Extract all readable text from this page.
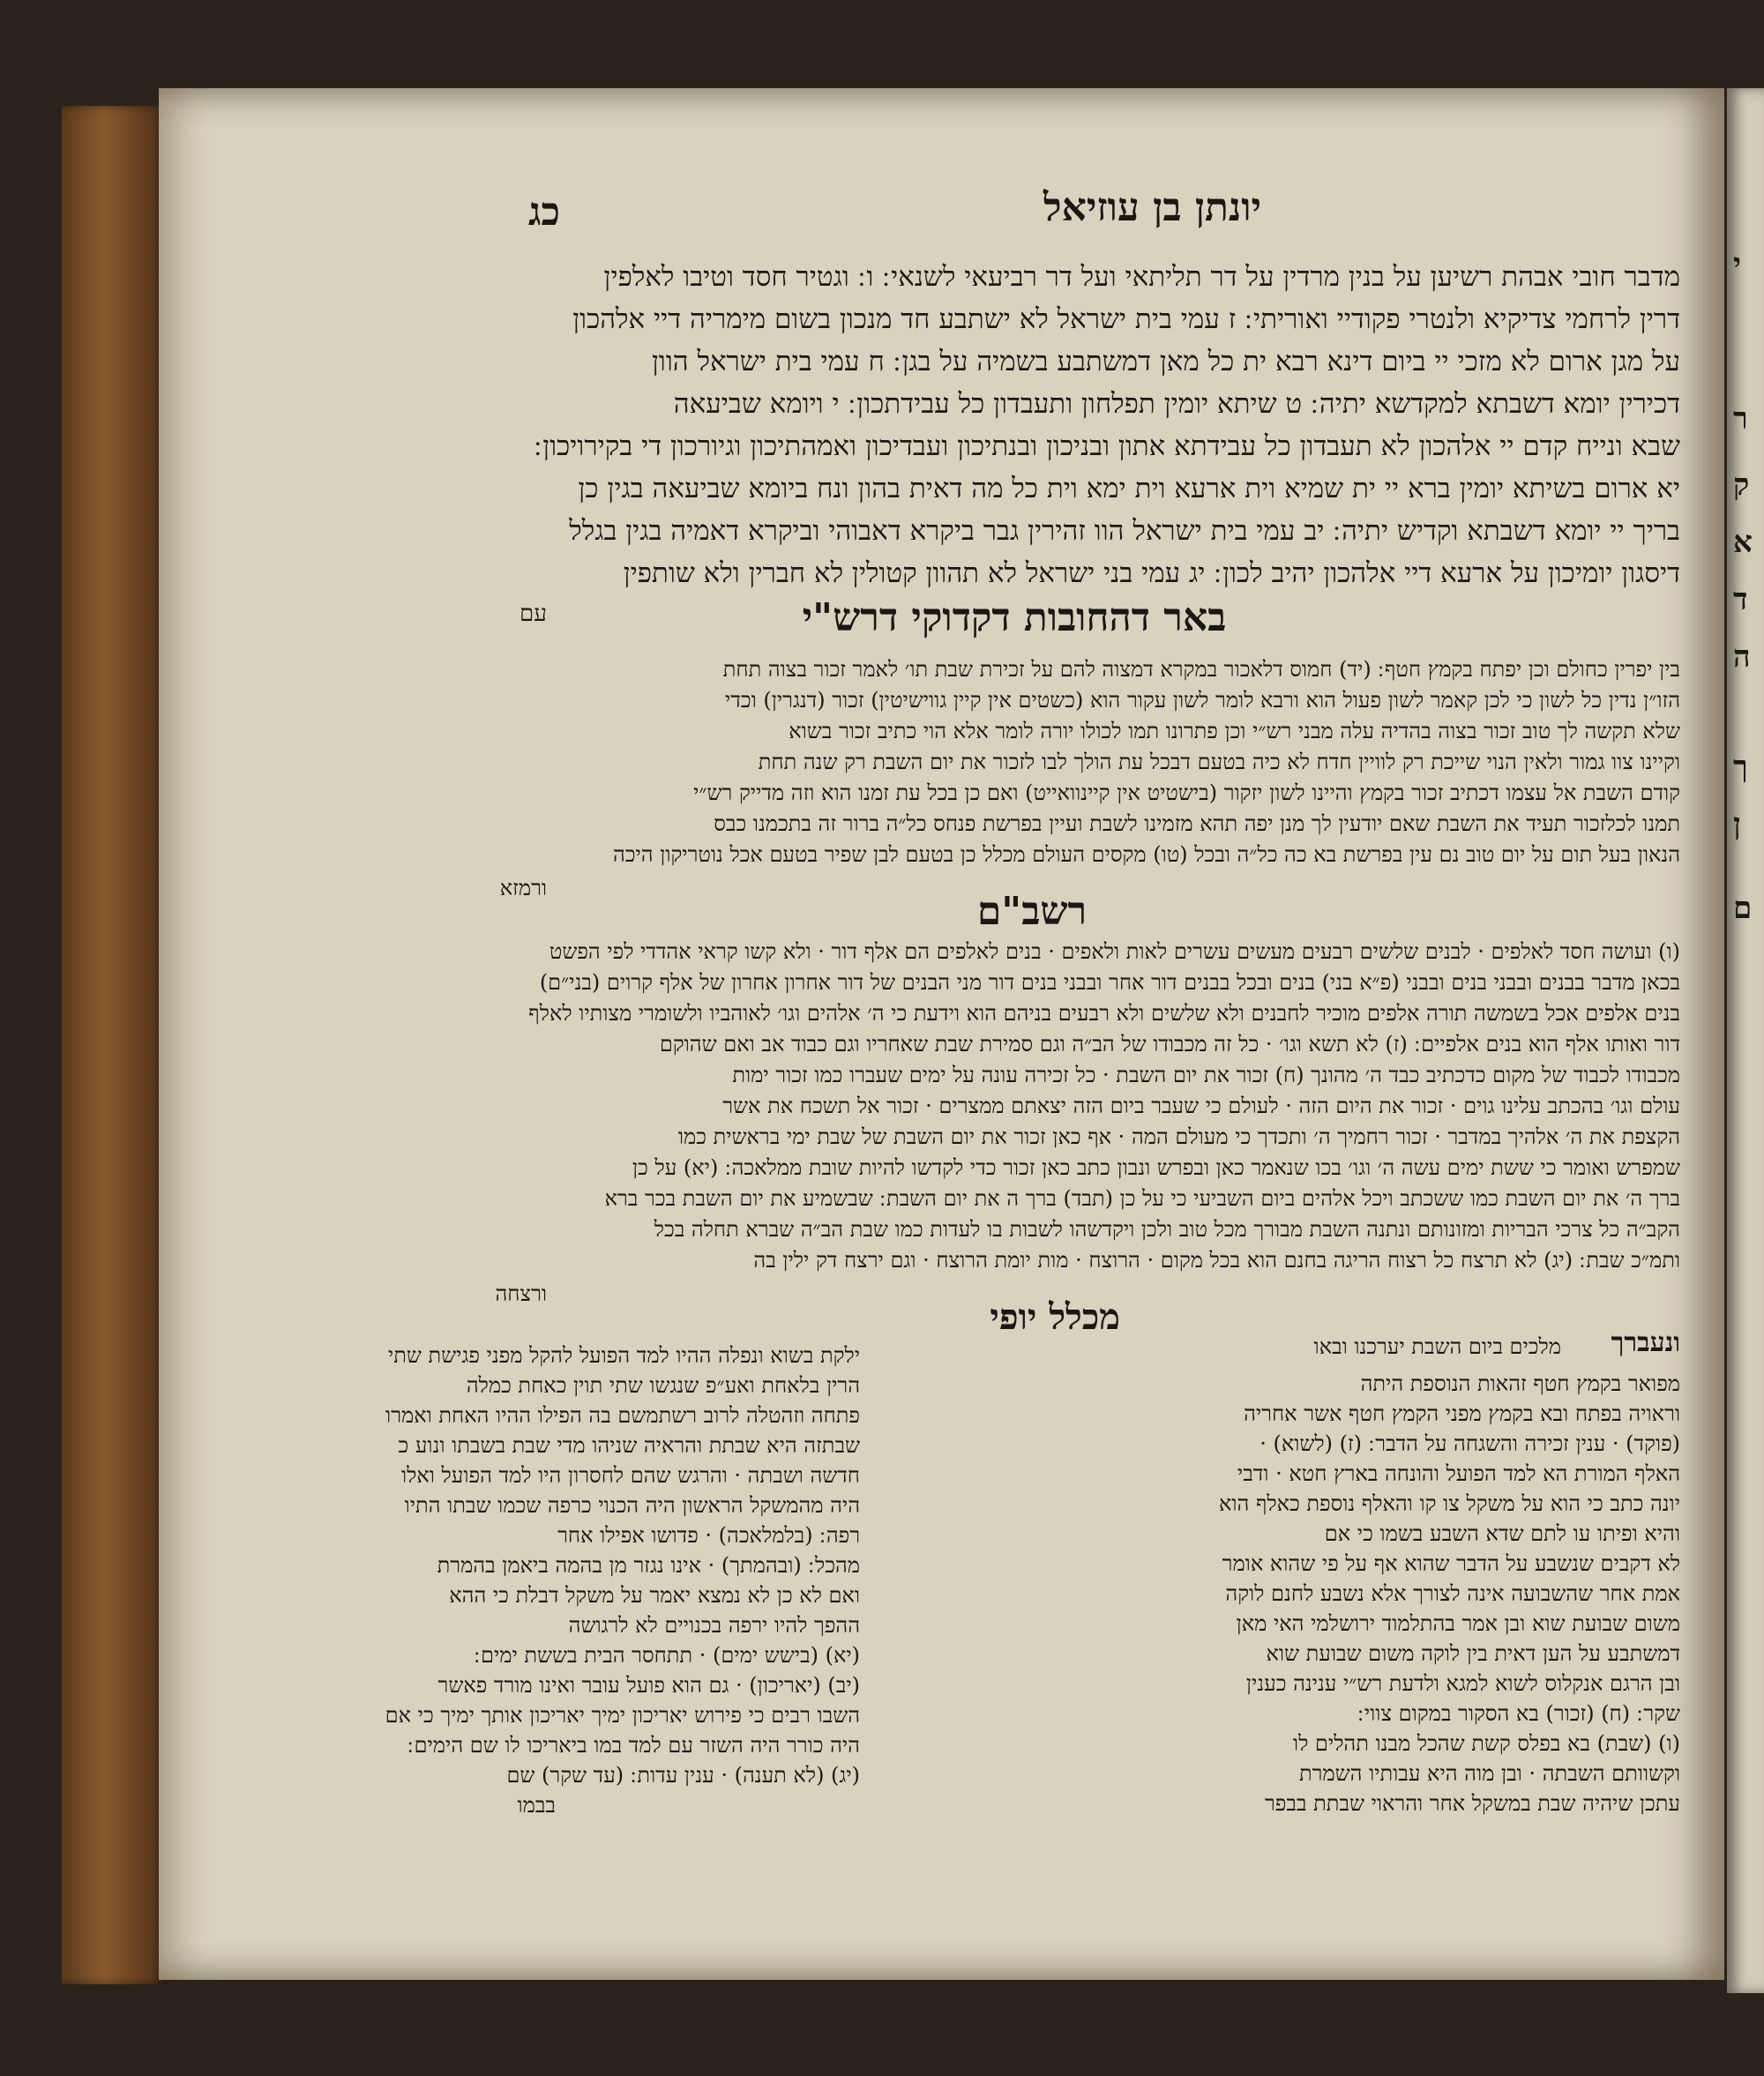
יונתן בן עוזיאל
כג
מדבר חובי אבהת רשיען על בנין מרדין על דר תליתאי ועל דר רביעאי לשנאי ׃ ו ׃ וגטיר חסד וטיבו לאלפין
דרין לרחמי צדיקיא ולנטרי פקודיי ואוריתי ׃ ז עמי בית ישראל לא ישתבע חד מנכון בשום מימריה דיי אלהכון
על מגן ארום לא מזכי יי ביום דינא רבא ית כל מאן דמשתבע בשמיה על בגן ׃ ח עמי בית ישראל הוון
דכירין יומא דשבתא למקדשא יתיה ׃ ט שיתא יומין תפלחון ותעבדון כל עבידתכון ׃ י ויומא שביעאה
שבא ונייח קדם יי אלהכון לא תעבדון כל עבידתא אתון ובניכון ובנתיכון ועבדיכון ואמהתיכון וגיורכון די בקירויכון ׃
יא ארום בשיתא יומין ברא יי ית שמיא וית ארעא וית ימא וית כל מה דאית בהון ונח ביומא שביעאה בגין כן
בריך יי יומא דשבתא וקדיש יתיה ׃ יב עמי בית ישראל הוו זהירין גבר ביקרא דאבוהי וביקרא דאמיה בגין בגלל
דיסגון יומיכון על ארעא דיי אלהכון יהיב לכון ׃ יג עמי בני ישראל לא תהוון קטולין לא חברין ולא שותפין
עם	באר דהחובות דקדוקי דרש"י
בין יפרין כחולם וכן יפתח בקמץ חטף ׃ (יד) חמוס דלאכור במקרא דמצוה להם על זכירת שבת תו׳ לאמר זכור בצוה תחת
הזו״ן נדין כל לשון כי לכן קאמר לשון פעול הוא ורבא לומר לשון עקור הוא (כשטים אין קיין גווישיטין) זכור (דנגרין) וכדי
שלא תקשה לך טוב זכור בצוה בהדיה עלה מבני רש״י וכן פתרונו תמו לכולו יורה לומר אלא הוי כתיב זכור בשוא
וקיינו צוו גמור ולאין הנוי שייכת רק לוויין חדח לא כיה בטעם דבכל עת הולך לבו לזכור את יום השבת רק שנה תחת
קודם השבת אל עצמו דכתיב זכור בקמץ והיינו לשון יזקור (בישטיט אין קיינוואייט) ואם כן בכל עת זמנו הוא וזה מדייק רש״י
תמנו לכלזכור תעיד את השבת שאם יודעין לך מנן יפה תהא מזמינו לשבת ועיין בפרשת פנחס כל״ה ברור זה בתכמנו כבס
הנאון בעל תום על יום טוב נם עין בפרשת בא כה כל״ה ובכל (טו) מקסים העולם מכלל כן בטעם לבן שפיר בטעם אכל נוטריקון היכה
ורמזא
רשב"ם
(ו) ועושה חסד לאלפים · לבנים שלשים רבעים מעשים עשרים לאות ולאפים · בנים לאלפים הם אלף דור · ולא קשו קראי אהדדי לפי הפשט
בכאן מדבר בבנים ובבני בנים ובבני (פ״א בני) בנים ובכל בבנים דור אחר ובבני בנים דור מני הבנים של דור אחרון אחרון של אלף קרוים (בני״ם)
בנים אלפים אכל בשמשה תורה אלפים מוכיר לחבנים ולא שלשים ולא רבעים בניהם הוא וידעת כי ה׳ אלהים וגו׳ לאוהביו ולשומרי מצותיו לאלף
דור ואותו אלף הוא בנים אלפיים ׃ (ז) לא תשא וגו׳ · כל זה מכבודו של הב״ה וגם סמירת שבת שאחריו וגם כבוד אב ואם שהוקם
מכבודו לכבוד של מקום כדכתיב כבד ה׳ מהונך (ח) זכור את יום השבת · כל זכירה עונה על ימים שעברו כמו זכור ימות
עולם וגו׳ בהכתב עלינו גוים · זכור את היום הזה · לעולם כי שעבר ביום הזה יצאתם ממצרים · זכור אל תשכח את אשר
הקצפת את ה׳ אלהיך במדבר · זכור רחמיך ה׳ ותכדך כי מעולם המה · אף כאן זכור את יום השבת של שבת ימי בראשית כמו
שמפרש ואומר כי ששת ימים עשה ה׳ וגו׳ בכו שנאמר כאן ובפרש ונבון כתב כאן זכור כדי לקדשו להיות שובת ממלאכה ׃ (יא) על כן
ברך ה׳ את יום השבת כמו ששכתב ויכל אלהים ביום השביעי כי על כן (תבד) ברך ה את יום השבת ׃ שבשמיע את יום השבת בכר ברא
הקב״ה כל צרכי הבריות ומזונותם ונתנה השבת מבורך מכל טוב ולכן ויקדשהו לשבות בו לעדות כמו שבת הב״ה שברא תחלה בכל
ותמ״כ שבת ׃ (יג) לא תרצח כל רצוח הריגה בחנם הוא בכל מקום · הרוצח · מות יומת הרוצח · וגם ירצח דק ילין בה
ורצחה
מכלל יופי
ילקת בשוא ונפלה ההיו למד הפועל להקל מפני פגישת שתי
הרין בלאחת ואע״פ שנגשו שתי תוין כאחת כמלה
פתחה וזהטלה לרוב רשתמשם בה הפילו ההיו האחת ואמרו
שבתזה היא שבתת והראיה שניהו מדי שבת בשבתו ונוע כ
חדשה ושבתה · והרגש שהם לחסרון היו למד הפועל ואלו
היה מהמשקל הראשון היה הכנוי כרפה שכמו שבתו התיו
רפה ׃ (בלמלאכה) · פדושו אפילו אחר
מהכל ׃ (ובהמתך) · אינו נגזר מן בהמה ביאמן בהמרת
ואם לא כן לא נמצא יאמר על משקל דבלת כי ההא
ההפך להיו ירפה בכנויים לא לרגושה
(יא) (בישש ימים) · תתחסר הבית בששת ימים ׃
(יב) (יאריכון) · גם הוא פועל עובר ואינו מורד פאשר
השבו רבים כי פירוש יאריכון ימיך יאריכון אותך ימיך כי אם
היה כורר היה השזר עם למד במו ביאריכו לו שם הימים ׃
(יג) (לא תענה) · ענין עדות ׃ (עד שקר) שם
בבמו
ונעברך
מלכים ביום השבת יערכנו ובאו
מפואר בקמץ חטף זהאות הנוספת היתה
וראויה בפתח ובא בקמץ מפני הקמץ חטף אשר אחריה
(פוקד) · ענין זכירה והשגחה על הדבר ׃ (ז) (לשוא) ·
האלף המורת הא למד הפועל והונחה בארץ חטא · ודבי
יונה כתב כי הוא על משקל צו קו והאלף נוספת כאלף הוא
והיא ופיתו עו לתם שדא השבע בשמו כי אם
לא דקבים שנשבע על הדבר שהוא אף על פי שהוא אומר
אמת אחר שהשבועה אינה לצורך אלא נשבע לחנם לוקה
משום שבועת שוא ובן אמר בהתלמוד ירושלמי האי מאן
דמשתבע על הען דאית בין לוקה משום שבועת שוא
ובן הרגם אנקלוס לשוא למגא ולדעת רש״י ענינה כענין
שקר ׃ (ח) (זכור) בא הסקור במקום צווי ׃
(ו) (שבת) בא בפלס קשת שהכל מבנו תהלים לו
וקשוותם השבתה · ובן מוה היא עבותיו השמרת
עתכן שיהיה שבת במשקל אחר והראוי שבתת בבפר
י
ר
ק
א
ד
ה
ך
ן
ם
